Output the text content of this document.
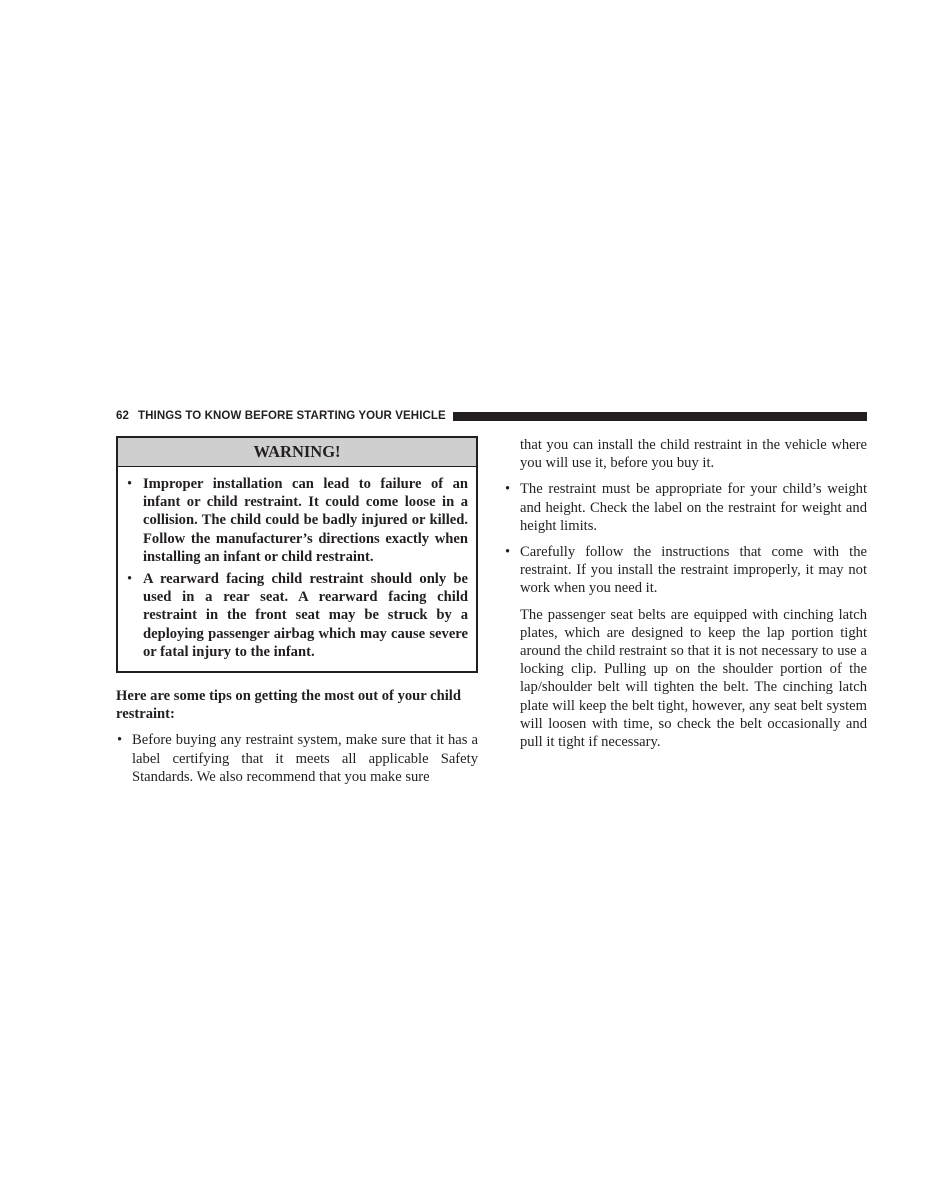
62 THINGS TO KNOW BEFORE STARTING YOUR VEHICLE
WARNING!
• Improper installation can lead to failure of an infant or child restraint. It could come loose in a collision. The child could be badly injured or killed. Follow the manufacturer’s directions exactly when installing an infant or child restraint.
• A rearward facing child restraint should only be used in a rear seat. A rearward facing child restraint in the front seat may be struck by a deploying passenger airbag which may cause severe or fatal injury to the infant.

Here are some tips on getting the most out of your child restraint:

• Before buying any restraint system, make sure that it has a label certifying that it meets all applicable Safety Standards. We also recommend that you make sure

that you can install the child restraint in the vehicle where you will use it, before you buy it.

• The restraint must be appropriate for your child’s weight and height. Check the label on the restraint for weight and height limits.
• Carefully follow the instructions that come with the restraint. If you install the restraint improperly, it may not work when you need it.

The passenger seat belts are equipped with cinching latch plates, which are designed to keep the lap portion tight around the child restraint so that it is not necessary to use a locking clip. Pulling up on the shoulder portion of the lap/shoulder belt will tighten the belt. The cinching latch plate will keep the belt tight, however, any seat belt system will loosen with time, so check the belt occasionally and pull it tight if necessary.
